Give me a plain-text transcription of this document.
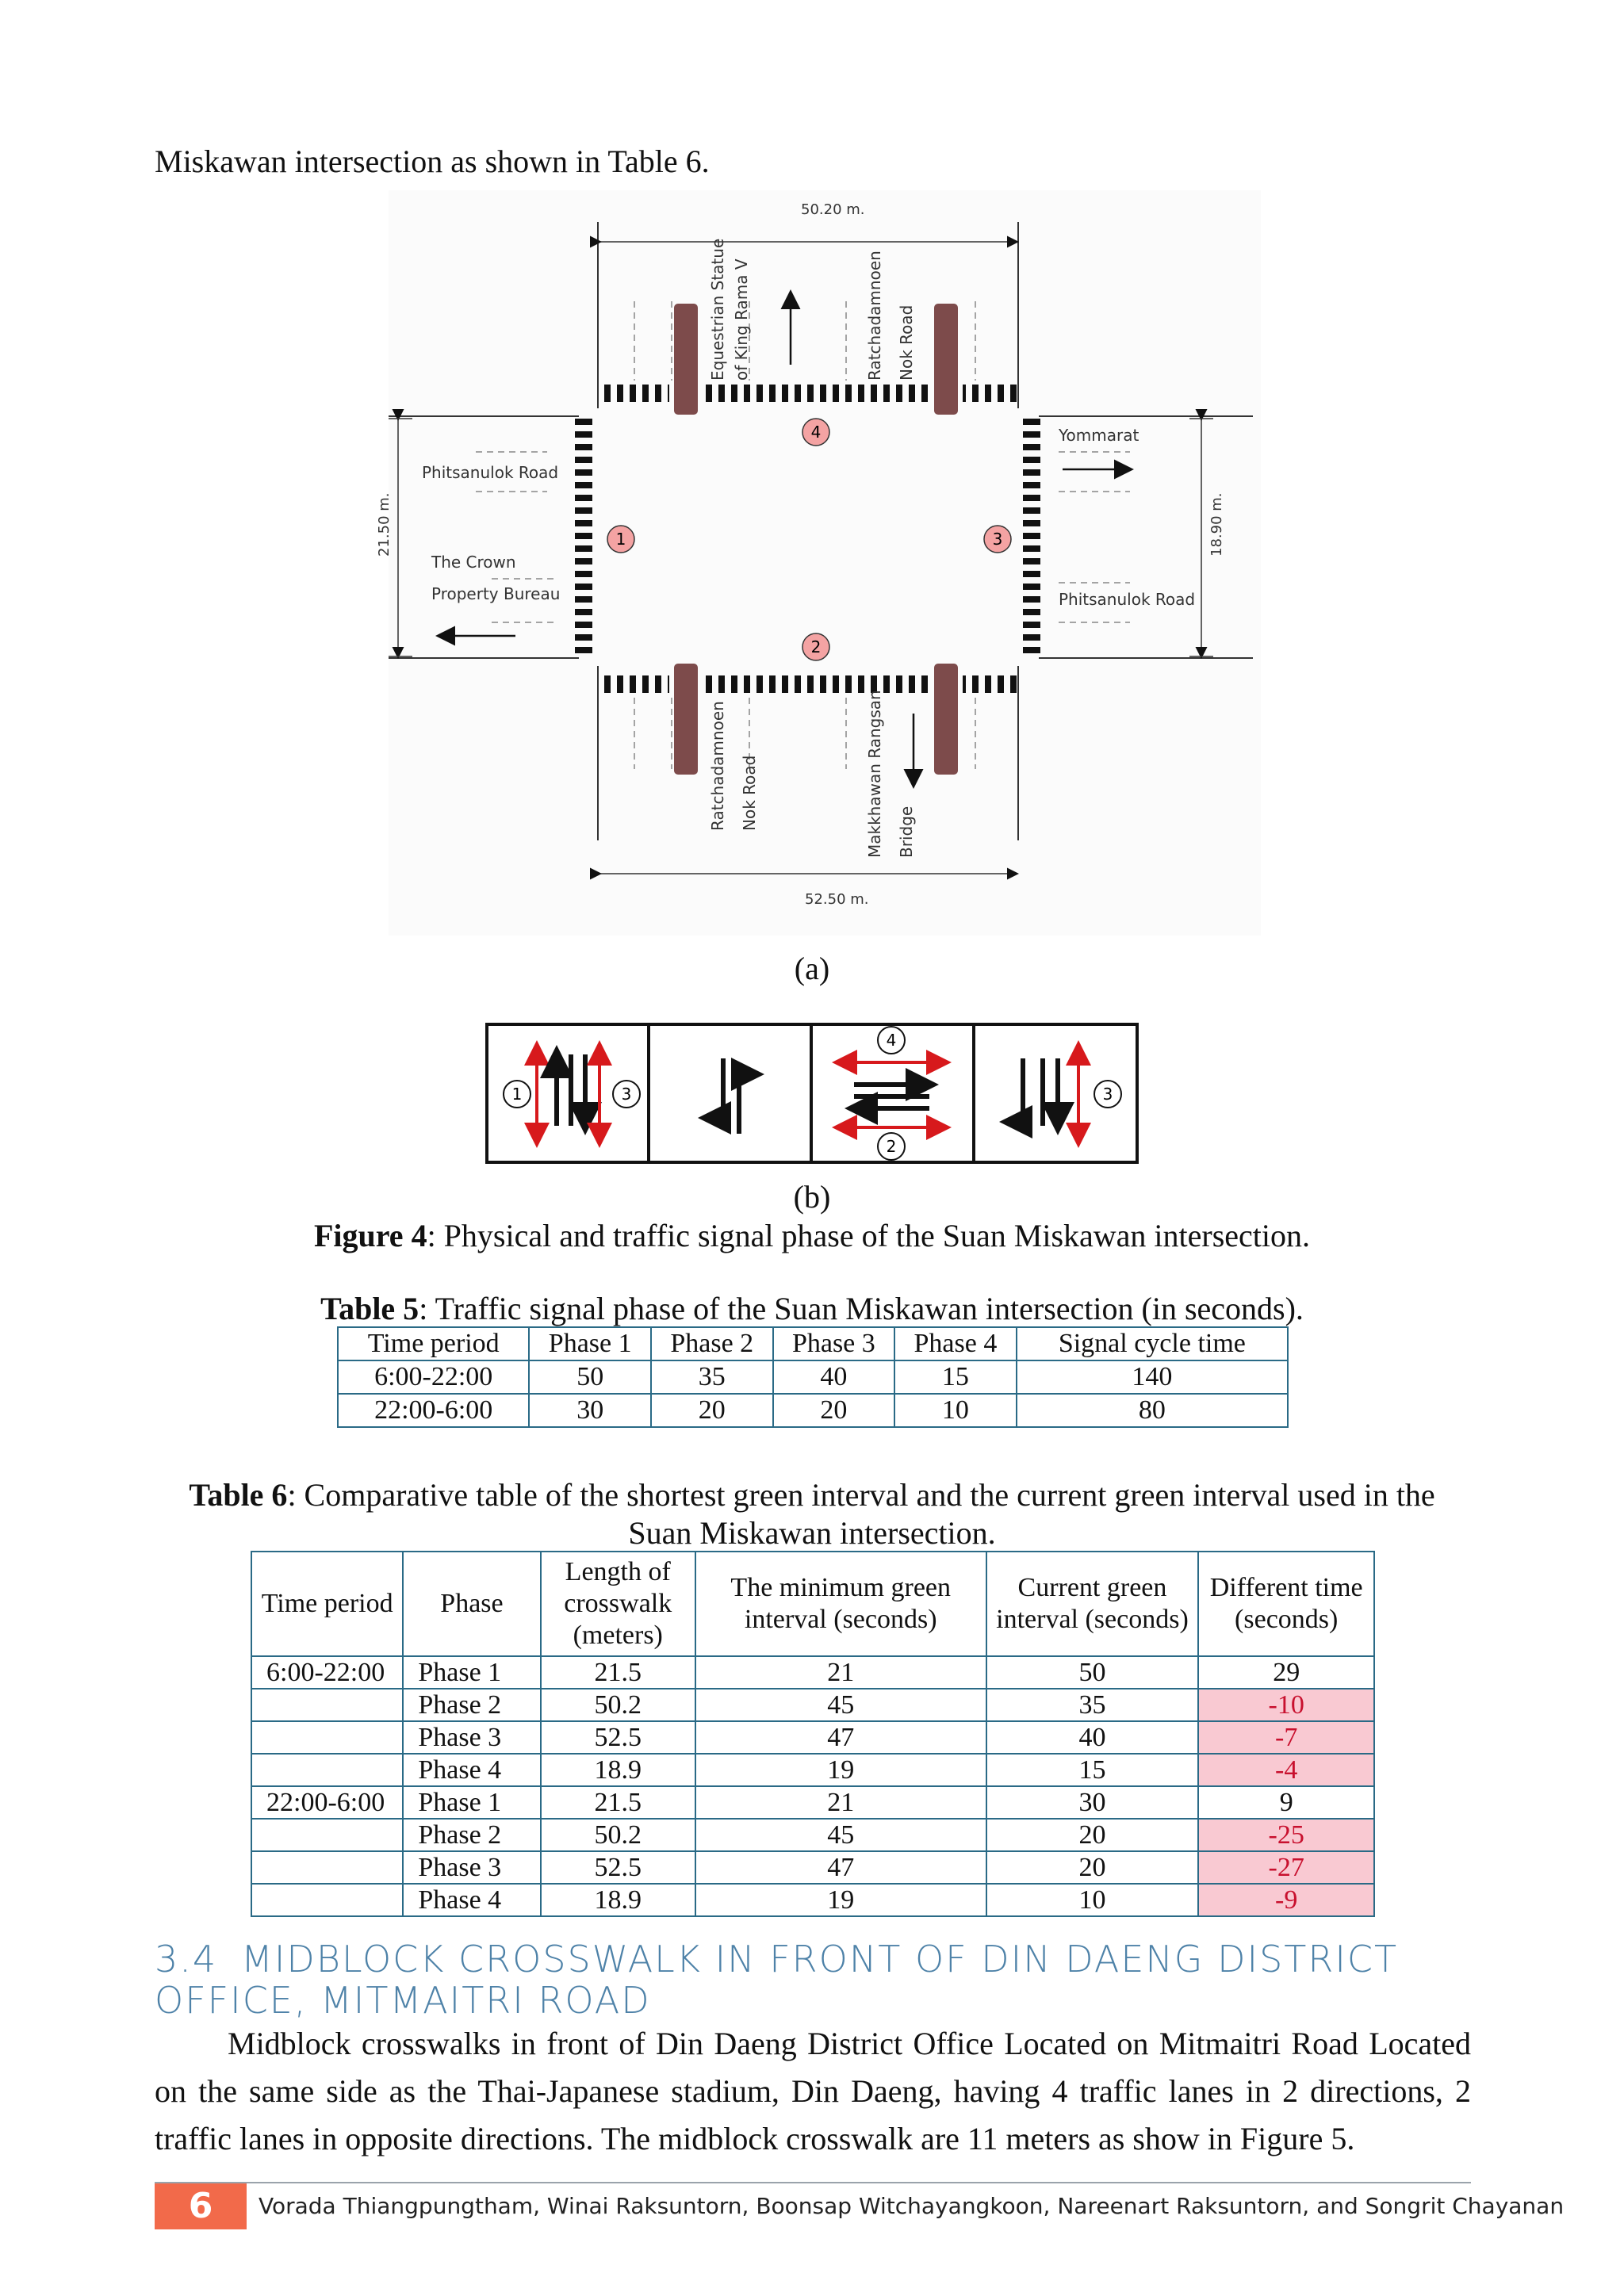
Miskawan intersection as shown in Table 6.
50.20 m.
52.50 m.
21.50 m.	18.90 m.
Equestrian Statue of King Rama V	Ratchadamnoen Nok Road
Phitsanulok Road
The Crown
Property Bureau
Yommarat
Phitsanulok Road
Ratchadamnoen Nok Road	Makkhawan Rangsan Bridge
1
2
3
4
(a)
1	3
4
2
3
(b)
Figure 4: Physical and traffic signal phase of the Suan Miskawan intersection.
Table 5: Traffic signal phase of the Suan Miskawan intersection (in seconds).
Time period	Phase 1	Phase 2	Phase 3	Phase 4	Signal cycle time
6:00-22:00	50	35	40	15	140
22:00-6:00	30	20	20	10	80
Table 6: Comparative table of the shortest green interval and the current green interval used in the Suan Miskawan intersection.
Time period	Phase	Length of crosswalk (meters)	The minimum green interval (seconds)	Current green interval (seconds)	Different time (seconds)
6:00-22:00	Phase 1	21.5	21	50	29
	Phase 2	50.2	45	35	-10
	Phase 3	52.5	47	40	-7
	Phase 4	18.9	19	15	-4
22:00-6:00	Phase 1	21.5	21	30	9
	Phase 2	50.2	45	20	-25
	Phase 3	52.5	47	20	-27
	Phase 4	18.9	19	10	-9
3.4 MIDBLOCK CROSSWALK IN FRONT OF DIN DAENG DISTRICT OFFICE, MITMAITRI ROAD
Midblock crosswalks in front of Din Daeng District Office Located on Mitmaitri Road Located on the same side as the Thai-Japanese stadium, Din Daeng, having 4 traffic lanes in 2 directions, 2 traffic lanes in opposite directions. The midblock crosswalk are 11 meters as show in Figure 5.
6	Vorada Thiangpungtham, Winai Raksuntorn, Boonsap Witchayangkoon, Nareenart Raksuntorn, and Songrit Chayanan
